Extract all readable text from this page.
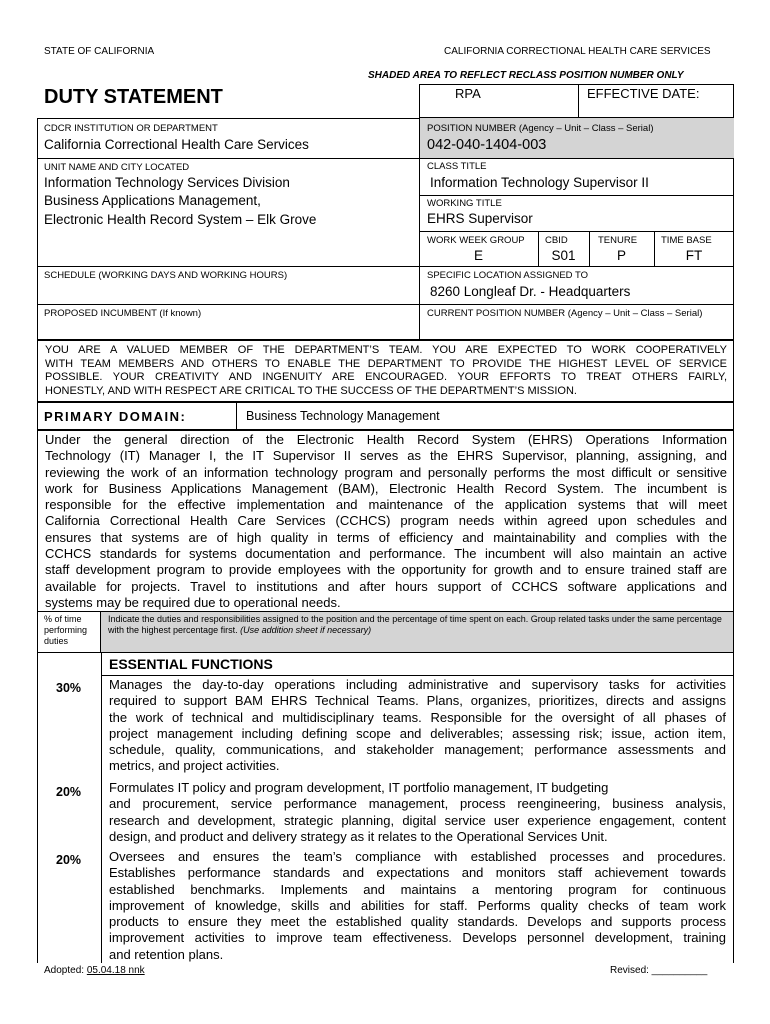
STATE OF CALIFORNIA	CALIFORNIA CORRECTIONAL HEALTH CARE SERVICES
SHADED AREA TO REFLECT RECLASS POSITION NUMBER ONLY
DUTY STATEMENT	RPA	EFFECTIVE DATE:
CDCR INSTITUTION OR DEPARTMENT
California Correctional Health Care Services
POSITION NUMBER (Agency – Unit – Class – Serial)
042-040-1404-003
UNIT NAME AND CITY LOCATED
Information Technology Services Division
Business Applications Management,
Electronic Health Record System – Elk Grove
CLASS TITLE
Information Technology Supervisor II
WORKING TITLE
EHRS Supervisor
WORK WEEK GROUP
E
CBID
S01
TENURE
P
TIME BASE
FT
SCHEDULE (WORKING DAYS AND WORKING HOURS)	SPECIFIC LOCATION ASSIGNED TO
8260 Longleaf Dr. - Headquarters
PROPOSED INCUMBENT (If known)	CURRENT POSITION NUMBER (Agency – Unit – Class – Serial)
YOU ARE A VALUED MEMBER OF THE DEPARTMENT’S TEAM. YOU ARE EXPECTED TO WORK COOPERATIVELY
WITH TEAM MEMBERS AND OTHERS TO ENABLE THE DEPARTMENT TO PROVIDE THE HIGHEST LEVEL OF SERVICE
POSSIBLE. YOUR CREATIVITY AND INGENUITY ARE ENCOURAGED. YOUR EFFORTS TO TREAT OTHERS FAIRLY,
HONESTLY, AND WITH RESPECT ARE CRITICAL TO THE SUCCESS OF THE DEPARTMENT’S MISSION.
PRIMARY DOMAIN:	Business Technology Management
Under the general direction of the Electronic Health Record System (EHRS) Operations Information
Technology (IT) Manager I, the IT Supervisor II serves as the EHRS Supervisor, planning, assigning, and
reviewing the work of an information technology program and personally performs the most difficult or sensitive
work for Business Applications Management (BAM), Electronic Health Record System. The incumbent is
responsible for the effective implementation and maintenance of the application systems that will meet
California Correctional Health Care Services (CCHCS) program needs within agreed upon schedules and
ensures that systems are of high quality in terms of efficiency and maintainability and complies with the
CCHCS standards for systems documentation and performance. The incumbent will also maintain an active
staff development program to provide employees with the opportunity for growth and to ensure trained staff are
available for projects. Travel to institutions and after hours support of CCHCS software applications and
systems may be required due to operational needs.
% of time
performing
duties
Indicate the duties and responsibilities assigned to the position and the percentage of time spent on each. Group related tasks under the same percentage with the highest percentage first. (Use addition sheet if necessary)
ESSENTIAL FUNCTIONS
30% Manages the day-to-day operations including administrative and supervisory tasks for activities
required to support BAM EHRS Technical Teams. Plans, organizes, prioritizes, directs and assigns
the work of technical and multidisciplinary teams. Responsible for the oversight of all phases of
project management including defining scope and deliverables; assessing risk; issue, action item,
schedule, quality, communications, and stakeholder management; performance assessments and
metrics, and project activities.
20% Formulates IT policy and program development, IT portfolio management, IT budgeting
and procurement, service performance management, process reengineering, business analysis,
research and development, strategic planning, digital service user experience engagement, content
design, and product and delivery strategy as it relates to the Operational Services Unit.
20% Oversees and ensures the team’s compliance with established processes and procedures.
Establishes performance standards and expectations and monitors staff achievement towards
established benchmarks. Implements and maintains a mentoring program for continuous
improvement of knowledge, skills and abilities for staff. Performs quality checks of team work
products to ensure they meet the established quality standards. Develops and supports process
improvement activities to improve team effectiveness. Develops personnel development, training
and retention plans.
Adopted: 05.04.18 nnk	Revised: __________
